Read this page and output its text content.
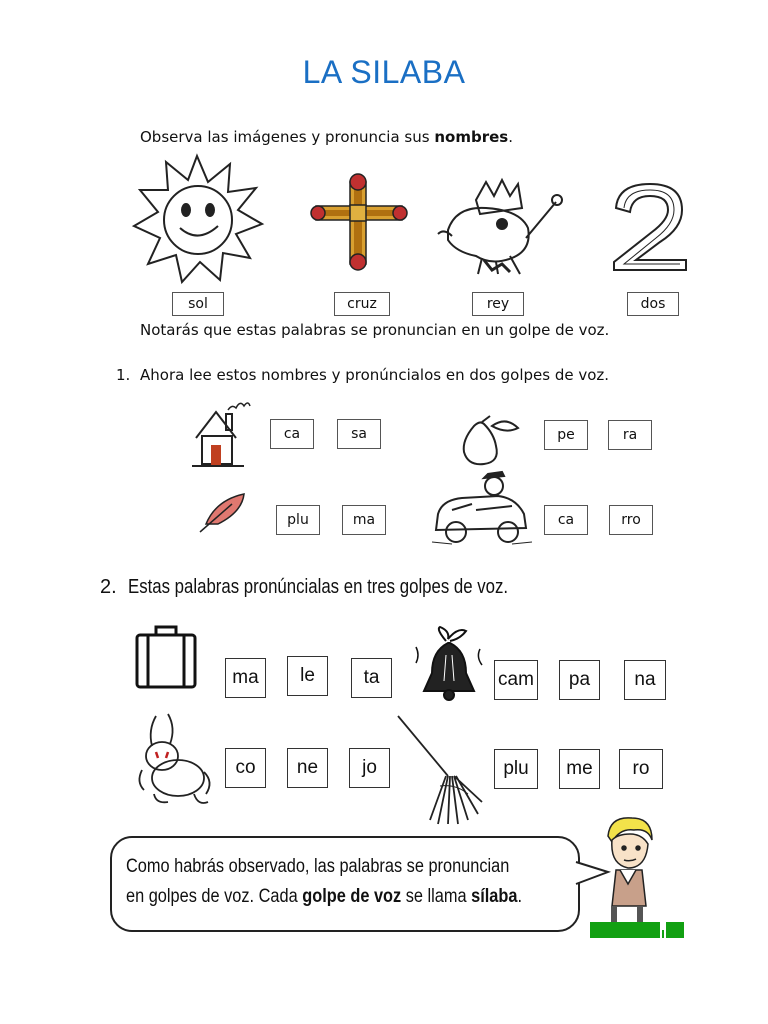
LA SILABA
Observa las imágenes y pronuncia sus nombres.
sol	cruz	rey	dos
Notarás que estas palabras se pronuncian en un golpe de voz.
1. Ahora lee estos nombres y pronúncialos en dos golpes de voz.
ca	sa	pe	ra
plu	ma	ca	rro
2. Estas palabras pronúncialas en tres golpes de voz.
ma	le	ta	cam	pa	na
co	ne	jo	plu	me	ro
Como habrás observado, las palabras se pronuncian
en golpes de voz. Cada golpe de voz se llama sílaba.
